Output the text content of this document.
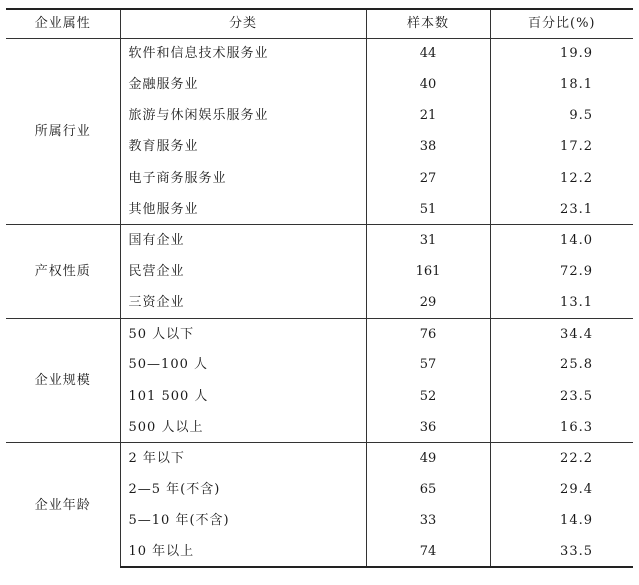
企业属性	分类	样本数	百分比(%)
所属行业	软件和信息技术服务业	44	19.9
	金融服务业	40	18.1
	旅游与休闲娱乐服务业	21	9.5
	教育服务业	38	17.2
	电子商务服务业	27	12.2
	其他服务业	51	23.1
产权性质	国有企业	31	14.0
	民营企业	161	72.9
	三资企业	29	13.1
企业规模	50 人以下	76	34.4
	50—100 人	57	25.8
	101 500 人	52	23.5
	500 人以上	36	16.3
企业年龄	2 年以下	49	22.2
	2—5 年(不含)	65	29.4
	5—10 年(不含)	33	14.9
	10 年以上	74	33.5
